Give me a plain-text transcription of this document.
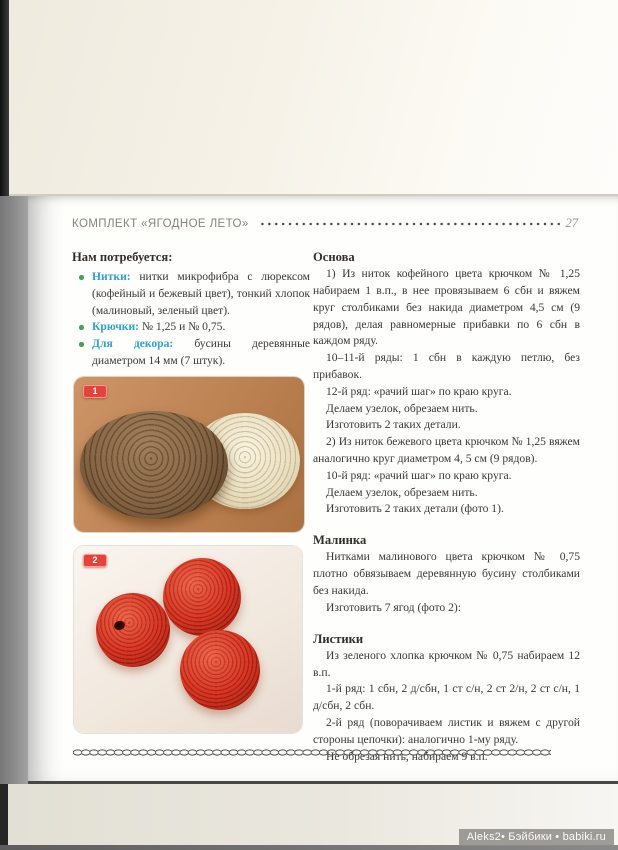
КОМПЛЕКТ «ЯГОДНОЕ ЛЕТО»	27
Нам потребуется:
Нитки: нитки микрофибра с люрексом (кофейный и бежевый цвет), тонкий хлопок (малиновый, зеленый цвет).
Крючки: № 1,25 и № 0,75.
Для декора: бусины деревянные диаметром 14 мм (7 штук).
1
2
Основа

1) Из ниток кофейного цвета крючком № 1,25 набираем 1 в.п., в нее провязываем 6 сбн и вяжем круг столбиками без накида диаметром 4,5 см (9 рядов), делая равномерные прибавки по 6 сбн в каждом ряду.

10–11-й ряды: 1 сбн в каждую петлю, без прибавок.

12-й ряд: «рачий шаг» по краю круга.

Делаем узелок, обрезаем нить.

Изготовить 2 таких детали.

2) Из ниток бежевого цвета крючком № 1,25 вяжем аналогично круг диаметром 4, 5 см (9 рядов).

10-й ряд: «рачий шаг» по краю круга.

Делаем узелок, обрезаем нить.

Изготовить 2 таких детали (фото 1).

Малинка

Нитками малинового цвета крючком № 0,75 плотно обвязываем деревянную бусину столбиками без накида.

Изготовить 7 ягод (фото 2):

Листики

Из зеленого хлопка крючком № 0,75 набираем 12 в.п.

1-й ряд: 1 сбн, 2 д/сбн, 1 ст с/н, 2 ст 2/н, 2 ст с/н, 1 д/сбн, 2 сбн.

2-й ряд (поворачиваем листик и вяжем с другой стороны цепочки): аналогично 1-му ряду.

Aleks2• Бэйбики • babiki.ru
